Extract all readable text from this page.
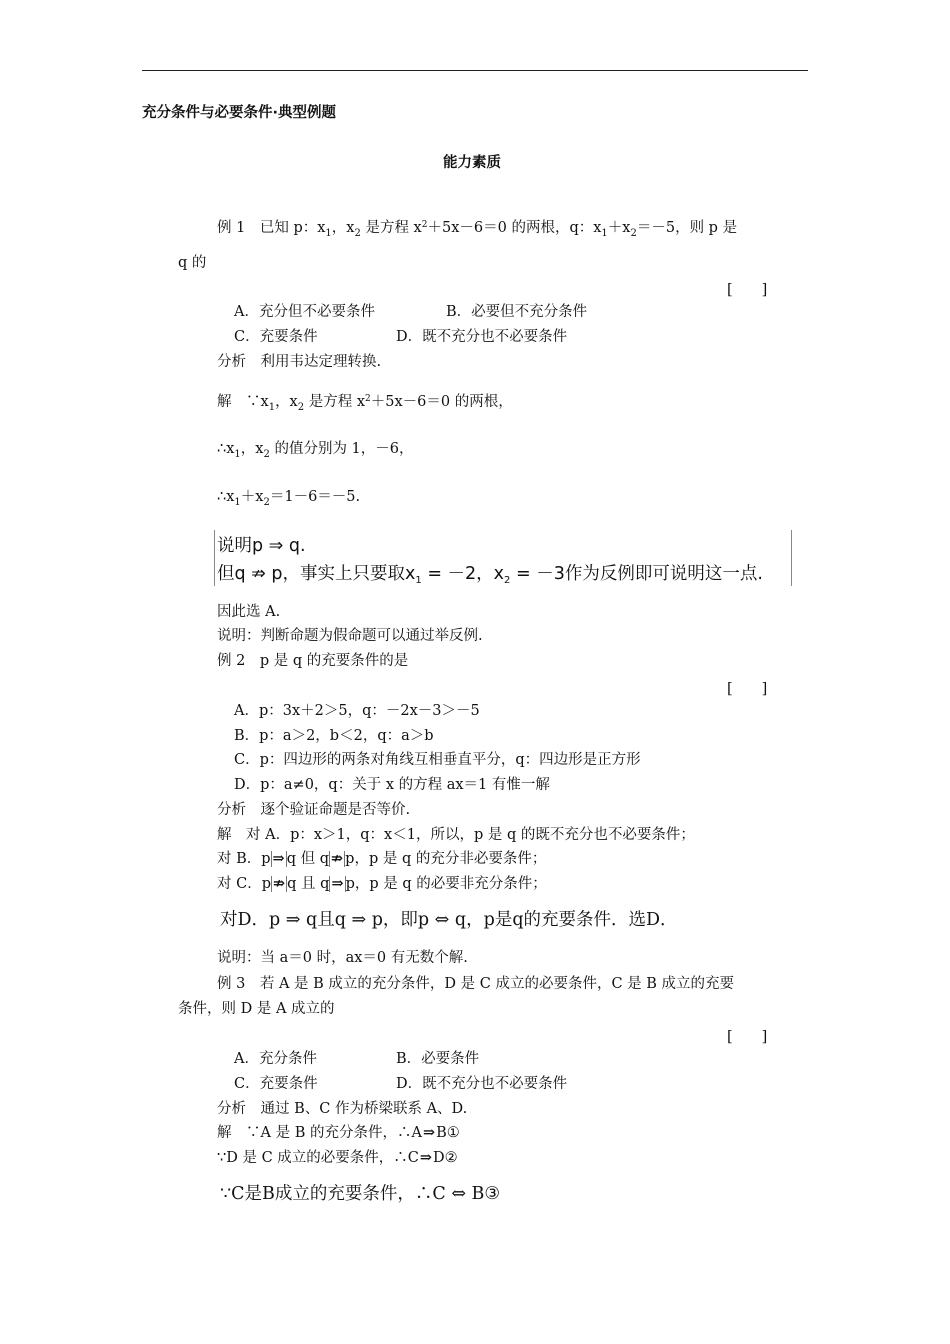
充分条件与必要条件·典型例题
能力素质
例 1　已知 p：$x_1$，$x_2$ 是方程 $x^2+5x-6=0$ 的两根，q：$x_1+x_2=-5$，则 p 是
q 的
[　　]
A．充分但不必要条件	B．必要但不充分条件
C．充要条件	D．既不充分也不必要条件
分析　利用韦达定理转换.
解　$\because x_1$，$x_2$ 是方程 $x^2+5x-6=0$ 的两根，
$\therefore x_1$，$x_2$ 的值分别为 1，－6，
$\therefore x_1+x_2=1-6=-5$.
说明p ⇒ q.
但q ⇏ p，事实上只要取$x_1 = -2$，$x_2 = -3$作为反例即可说明这一点.
因此选 A.
说明：判断命题为假命题可以通过举反例.
例 2　p 是 q 的充要条件的是
[　　]
A．p：3x＋2＞5，q：－2x－3＞－5
B．p：a＞2，b＜2，q：a＞b
C．p：四边形的两条对角线互相垂直平分，q：四边形是正方形
D．p：a≠0，q：关于 x 的方程 ax＝1 有惟一解
分析　逐个验证命题是否等价.
解　对 A．p：x＞1，q：x＜1，所以，p 是 q 的既不充分也不必要条件；
对 B．p ⇒ q 但 q ⇏ p，p 是 q 的充分非必要条件；
对 C．p ⇏ q 且 q ⇒ p，p 是 q 的必要非充分条件；
对D．p ⇒ q且q ⇒ p，即p ⇔ q，p是q的充要条件．选D．
说明：当 a＝0 时，ax＝0 有无数个解.
例 3　若 A 是 B 成立的充分条件，D 是 C 成立的必要条件，C 是 B 成立的充要
条件，则 D 是 A 成立的
[　　]
A．充分条件	B．必要条件
C．充要条件	D．既不充分也不必要条件
分析　通过 B、C 作为桥梁联系 A、D.
解　∵A 是 B 的充分条件，∴A⇒B①
∵D 是 C 成立的必要条件，∴C⇒D②
∵C是B成立的充要条件，∴C ⇔ B③
